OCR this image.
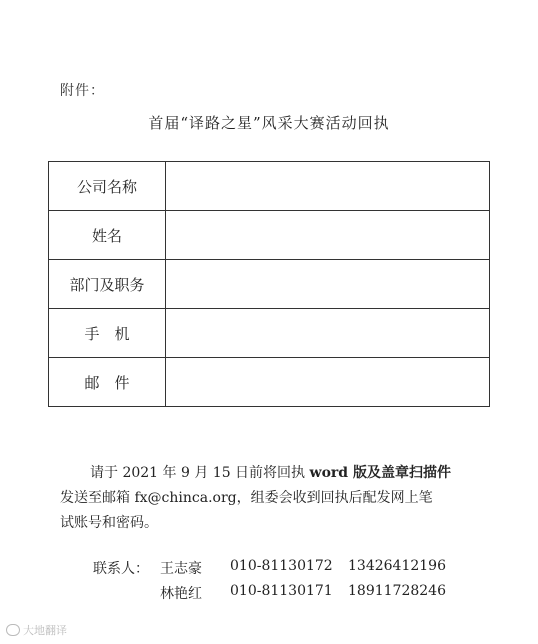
附件：
首届“译路之星”风采大赛活动回执
公司名称	
姓名	
部门及职务	
手　机	
邮　件	
请于 2021 年 9 月 15 日前将回执 word 版及盖章扫描件
发送至邮箱 fx@chinca.org，组委会收到回执后配发网上笔
试账号和密码。
联系人： 王志豪 010-81130172 13426412196
林艳红 010-81130171 18911728246
大地翻译
